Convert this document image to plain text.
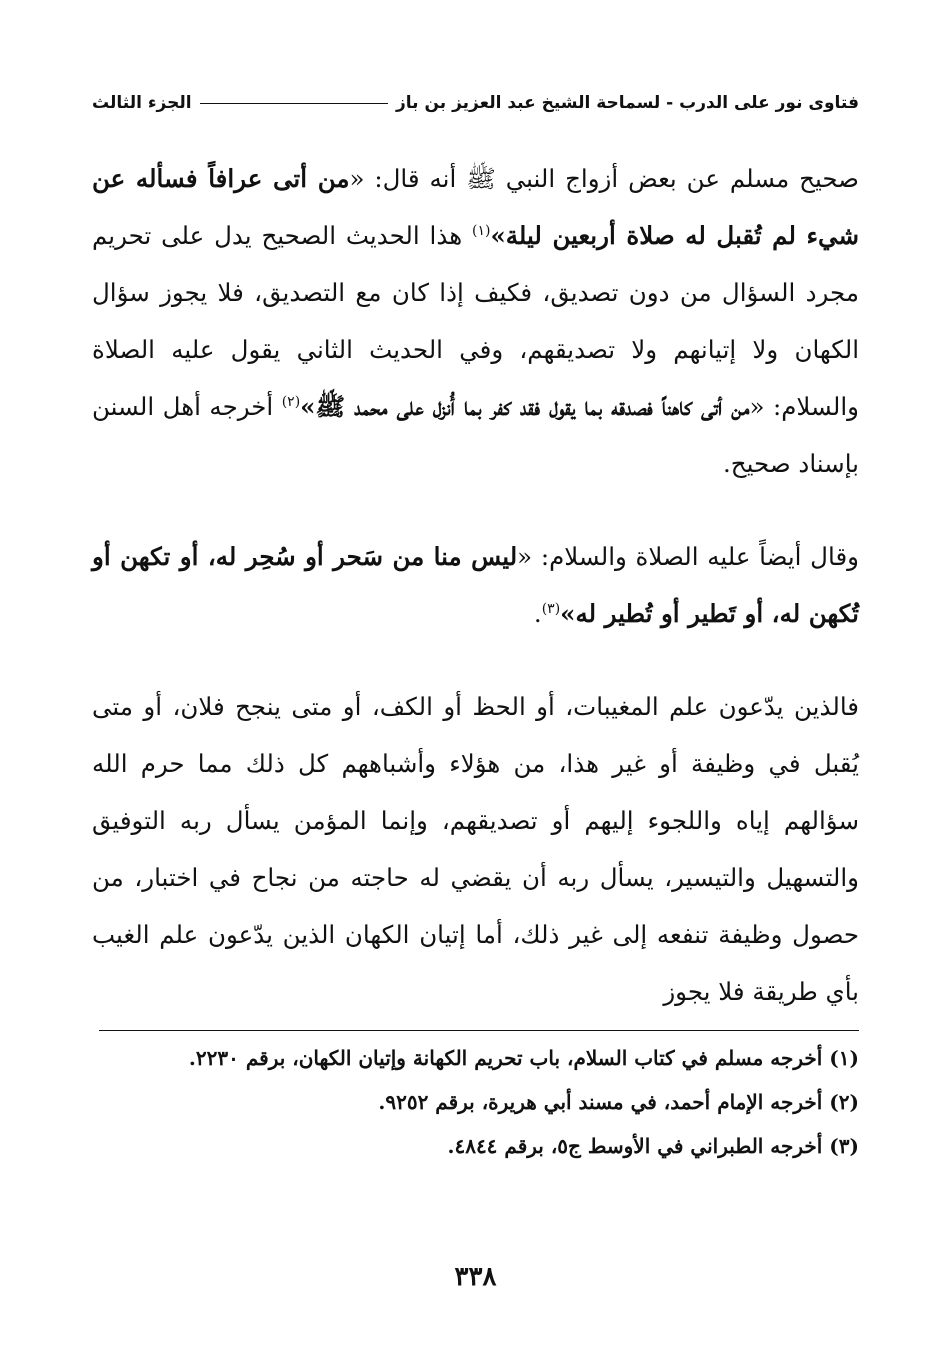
فتاوى نور على الدرب - لسماحة الشيخ عبد العزيز بن باز
الجزء الثالث

صحيح مسلم عن بعض أزواج النبي ﷺ أنه قال: «من أتى عرافاً فسأله عن شيء لم تُقبل له صلاة أربعين ليلة»$^{(١)}$ هذا الحديث الصحيح يدل على تحريم مجرد السؤال من دون تصديق، فكيف إذا كان مع التصديق، فلا يجوز سؤال الكهان ولا إتيانهم ولا تصديقهم، وفي الحديث الثاني يقول عليه الصلاة والسلام: «من أتى كاهناً فصدقه بما يقول فقد كفر بما أُنزل على محمد ﷺ»$^{(٢)}$ أخرجه أهل السنن بإسناد صحيح.

وقال أيضاً عليه الصلاة والسلام: «ليس منا من سَحر أو سُحِر له، أو تكهن أو تُكهن له، أو تَطير أو تُطير له»$^{(٣)}$.

فالذين يدّعون علم المغيبات، أو الحظ أو الكف، أو متى ينجح فلان، أو متى يُقبل في وظيفة أو غير هذا، من هؤلاء وأشباههم كل ذلك مما حرم الله سؤالهم إياه واللجوء إليهم أو تصديقهم، وإنما المؤمن يسأل ربه التوفيق والتسهيل والتيسير، يسأل ربه أن يقضي له حاجته من نجاح في اختبار، من حصول وظيفة تنفعه إلى غير ذلك، أما إتيان الكهان الذين يدّعون علم الغيب بأي طريقة فلا يجوز

(١) أخرجه مسلم في كتاب السلام، باب تحريم الكهانة وإتيان الكهان، برقم ٢٢٣٠.

(٢) أخرجه الإمام أحمد، في مسند أبي هريرة، برقم ٩٢٥٢.

(٣) أخرجه الطبراني في الأوسط ج٥، برقم ٤٨٤٤.

٣٣٨
